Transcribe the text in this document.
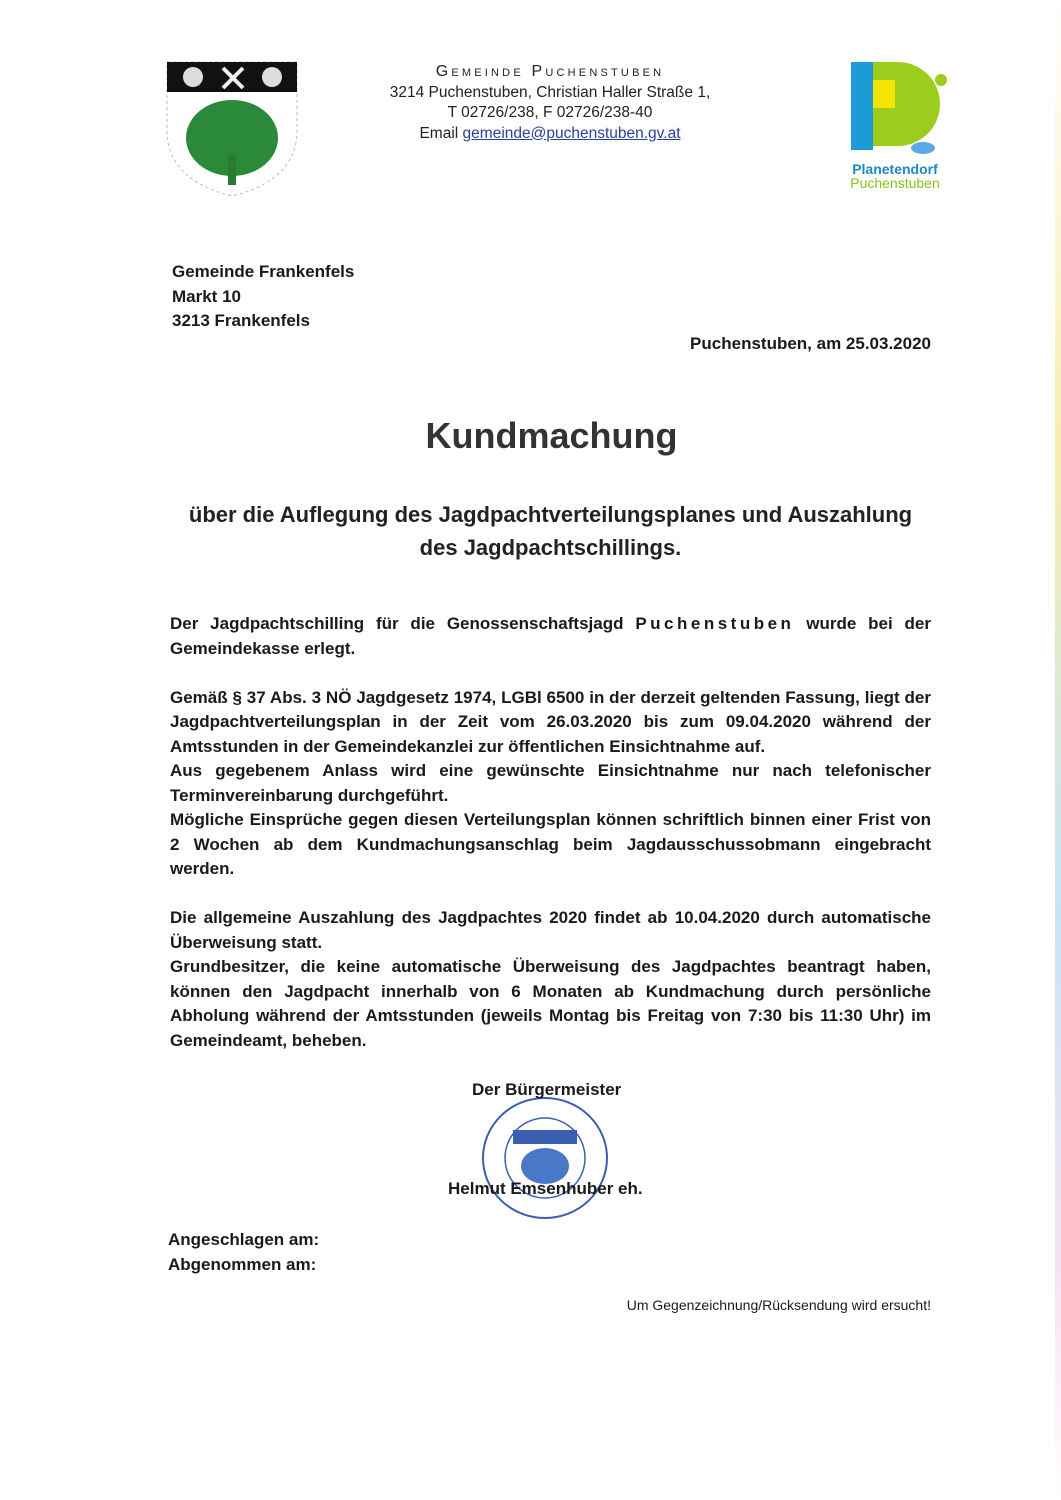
Gemeinde Puchenstuben
3214 Puchenstuben, Christian Haller Straße 1,
T 02726/238, F 02726/238-40
Email gemeinde@puchenstuben.gv.at
Planetendorf
Puchenstuben
Gemeinde Frankenfels
Markt 10
3213 Frankenfels
Puchenstuben, am 25.03.2020
Kundmachung
über die Auflegung des Jagdpachtverteilungsplanes und Auszahlung
des Jagdpachtschillings.

Der Jagdpachtschilling für die Genossenschaftsjagd Puchenstuben wurde bei der Gemeindekasse erlegt.

Gemäß § 37 Abs. 3 NÖ Jagdgesetz 1974, LGBl 6500 in der derzeit geltenden Fassung, liegt der Jagdpachtverteilungsplan in der Zeit vom 26.03.2020 bis zum 09.04.2020 während der Amtsstunden in der Gemeindekanzlei zur öffentlichen Einsichtnahme auf.
Aus gegebenem Anlass wird eine gewünschte Einsichtnahme nur nach telefonischer Terminvereinbarung durchgeführt.
Mögliche Einsprüche gegen diesen Verteilungsplan können schriftlich binnen einer Frist von 2 Wochen ab dem Kundmachungsanschlag beim Jagdausschussobmann eingebracht werden.

Die allgemeine Auszahlung des Jagdpachtes 2020 findet ab 10.04.2020 durch automatische Überweisung statt.
Grundbesitzer, die keine automatische Überweisung des Jagdpachtes beantragt haben, können den Jagdpacht innerhalb von 6 Monaten ab Kundmachung durch persönliche Abholung während der Amtsstunden (jeweils Montag bis Freitag von 7:30 bis 11:30 Uhr) im Gemeindeamt, beheben.

Der Bürgermeister
Helmut Emsenhuber eh.
Angeschlagen am:
Abgenommen am:
Um Gegenzeichnung/Rücksendung wird ersucht!
